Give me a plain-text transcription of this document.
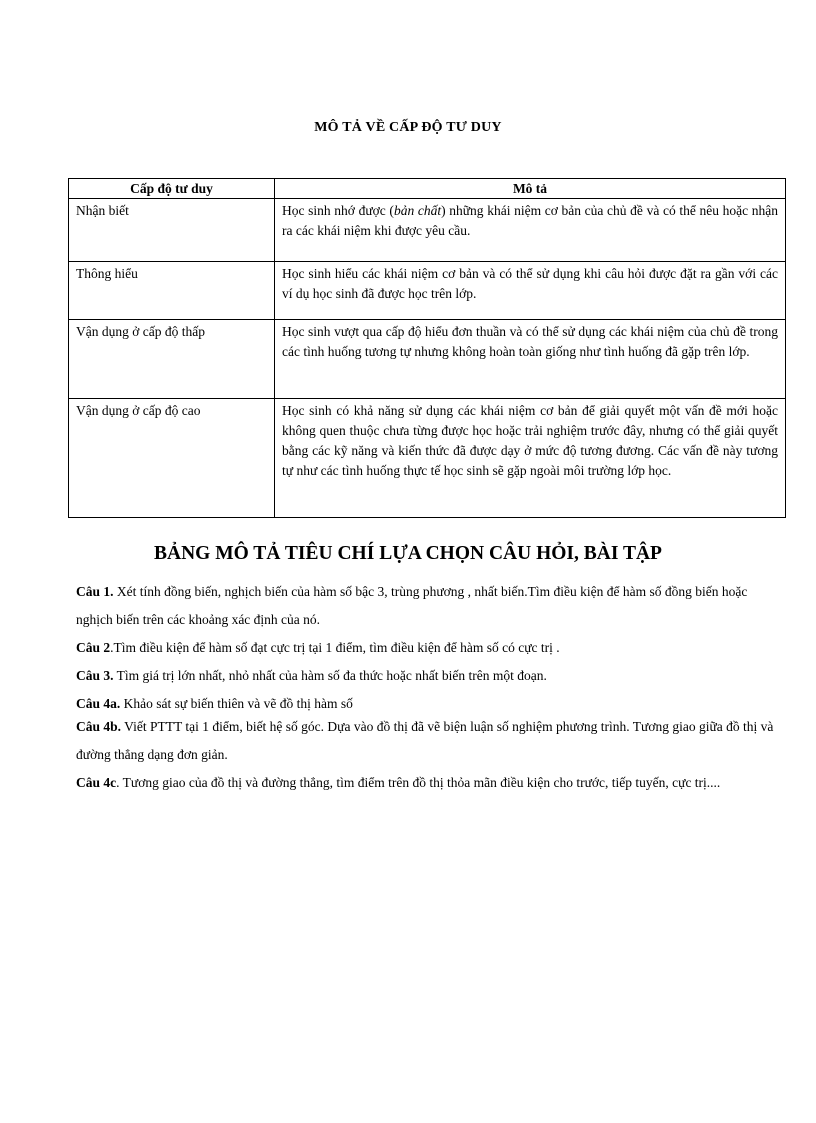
MÔ TẢ VỀ CẤP ĐỘ TƯ DUY
Cấp độ tư duy	Mô tả
Nhận biết	Học sinh nhớ được (bản chất) những khái niệm cơ bản của chủ đề và có thể nêu hoặc nhận ra các khái niệm khi được yêu cầu.
Thông hiểu	Học sinh hiểu các khái niệm cơ bản và có thể sử dụng khi câu hỏi được đặt ra gần với các ví dụ học sinh đã được học trên lớp.
Vận dụng ở cấp độ thấp	Học sinh vượt qua cấp độ hiểu đơn thuần và có thể sử dụng các khái niệm của chủ đề trong các tình huống tương tự nhưng không hoàn toàn giống như tình huống đã gặp trên lớp.
Vận dụng ở cấp độ cao	Học sinh có khả năng sử dụng các khái niệm cơ bản để giải quyết một vấn đề mới hoặc không quen thuộc chưa từng được học hoặc trải nghiệm trước đây, nhưng có thể giải quyết bằng các kỹ năng và kiến thức đã được dạy ở mức độ tương đương. Các vấn đề này tương tự như các tình huống thực tế học sinh sẽ gặp ngoài môi trường lớp học.
BẢNG MÔ TẢ TIÊU CHÍ LỰA CHỌN CÂU HỎI, BÀI TẬP

Câu 1. Xét tính đồng biến, nghịch biến của hàm số bậc 3, trùng phương , nhất biến.Tìm điều kiện để hàm số đồng biến hoặc nghịch biến trên các khoảng xác định của nó.

Câu 2.Tìm điều kiện để hàm số đạt cực trị tại 1 điểm, tìm điều kiện để hàm số có cực trị .

Câu 3. Tìm giá trị lớn nhất, nhỏ nhất của hàm số đa thức hoặc nhất biến trên một đoạn.

Câu 4a. Khảo sát sự biến thiên và vẽ đồ thị hàm số

Câu 4b. Viết PTTT tại 1 điểm, biết hệ số góc. Dựa vào đồ thị đã vẽ biện luận số nghiệm phương trình. Tương giao giữa đồ thị và đường thẳng dạng đơn giản.

Câu 4c. Tương giao của đồ thị và đường thẳng, tìm điểm trên đồ thị thỏa mãn điều kiện cho trước, tiếp tuyến, cực trị....
